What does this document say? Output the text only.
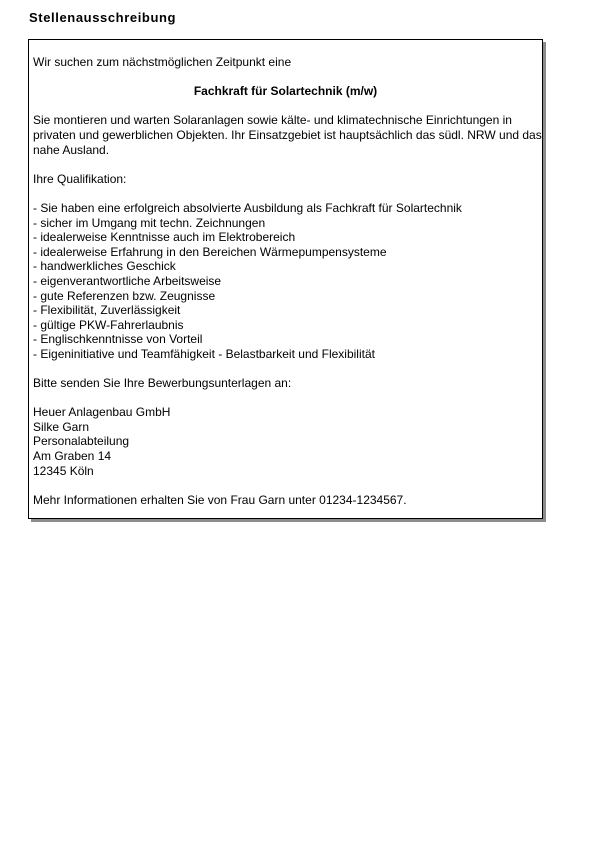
Stellenausschreibung

Wir suchen zum nächstmöglichen Zeitpunkt eine

Fachkraft für Solartechnik (m/w)

Sie montieren und warten Solaranlagen sowie kälte- und klimatechnische Einrichtungen in privaten und gewerblichen Objekten. Ihr Einsatzgebiet ist hauptsächlich das südl. NRW und das nahe Ausland.

Ihre Qualifikation:

- Sie haben eine erfolgreich absolvierte Ausbildung als Fachkraft für Solartechnik
- sicher im Umgang mit techn. Zeichnungen
- idealerweise Kenntnisse auch im Elektrobereich
- idealerweise Erfahrung in den Bereichen Wärmepumpensysteme
- handwerkliches Geschick
- eigenverantwortliche Arbeitsweise
- gute Referenzen bzw. Zeugnisse
- Flexibilität, Zuverlässigkeit
- gültige PKW-Fahrerlaubnis
- Englischkenntnisse von Vorteil
- Eigeninitiative und Teamfähigkeit - Belastbarkeit und Flexibilität

Bitte senden Sie Ihre Bewerbungsunterlagen an:

Heuer Anlagenbau GmbH

Silke Garn

Personalabteilung

Am Graben 14

12345 Köln

Mehr Informationen erhalten Sie von Frau Garn unter 01234-1234567.
